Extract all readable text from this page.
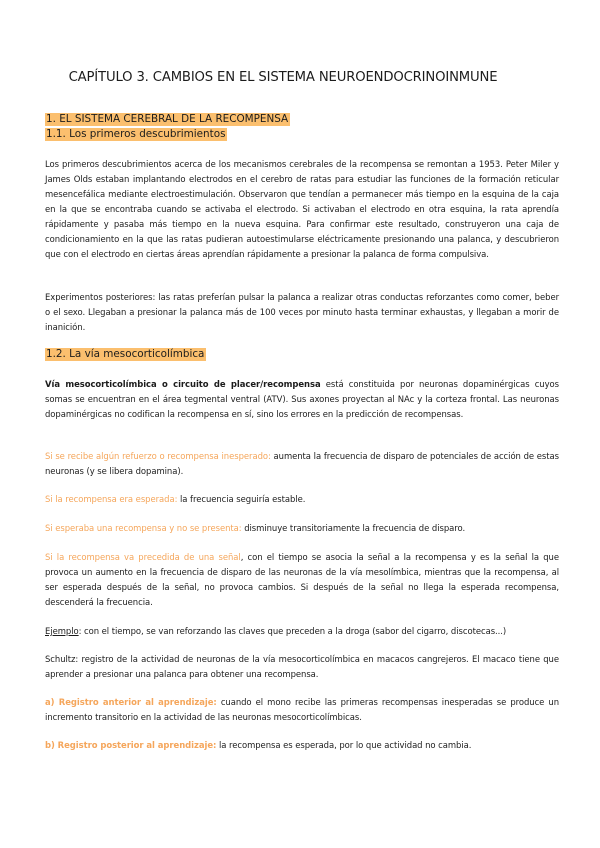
CAPÍTULO 3. CAMBIOS EN EL SISTEMA NEUROENDOCRINOINMUNE
1. EL SISTEMA CEREBRAL DE LA RECOMPENSA
1.1. Los primeros descubrimientos

Los primeros descubrimientos acerca de los mecanismos cerebrales de la recompensa se remontan a 1953. Peter Miler y James Olds estaban implantando electrodos en el cerebro de ratas para estudiar las funciones de la formación reticular mesencefálica mediante electroestimulación. Observaron que tendían a permanecer más tiempo en la esquina de la caja en la que se encontraba cuando se activaba el electrodo. Si activaban el electrodo en otra esquina, la rata aprendía rápidamente y pasaba más tiempo en la nueva esquina. Para confirmar este resultado, construyeron una caja de condicionamiento en la que las ratas pudieran autoestimularse eléctricamente presionando una palanca, y descubrieron que con el electrodo en ciertas áreas aprendían rápidamente a presionar la palanca de forma compulsiva.

Experimentos posteriores: las ratas preferían pulsar la palanca a realizar otras conductas reforzantes como comer, beber o el sexo. Llegaban a presionar la palanca más de 100 veces por minuto hasta terminar exhaustas, y llegaban a morir de inanición.

1.2. La vía mesocorticolímbica

Vía mesocorticolímbica o circuito de placer/recompensa está constituida por neuronas dopaminérgicas cuyos somas se encuentran en el área tegmental ventral (ATV). Sus axones proyectan al NAc y la corteza frontal. Las neuronas dopaminérgicas no codifican la recompensa en sí, sino los errores en la predicción de recompensas.

Si se recibe algún refuerzo o recompensa inesperado: aumenta la frecuencia de disparo de potenciales de acción de estas neuronas (y se libera dopamina).

Si la recompensa era esperada: la frecuencia seguiría estable.

Si esperaba una recompensa y no se presenta: disminuye transitoriamente la frecuencia de disparo.

Si la recompensa va precedida de una señal, con el tiempo se asocia la señal a la recompensa y es la señal la que provoca un aumento en la frecuencia de disparo de las neuronas de la vía mesolímbica, mientras que la recompensa, al ser esperada después de la señal, no provoca cambios. Si después de la señal no llega la esperada recompensa, descenderá la frecuencia.

Ejemplo: con el tiempo, se van reforzando las claves que preceden a la droga (sabor del cigarro, discotecas...)

Schultz: registro de la actividad de neuronas de la vía mesocorticolímbica en macacos cangrejeros. El macaco tiene que aprender a presionar una palanca para obtener una recompensa.

a) Registro anterior al aprendizaje: cuando el mono recibe las primeras recompensas inesperadas se produce un incremento transitorio en la actividad de las neuronas mesocorticolímbicas.

b) Registro posterior al aprendizaje: la recompensa es esperada, por lo que actividad no cambia.
